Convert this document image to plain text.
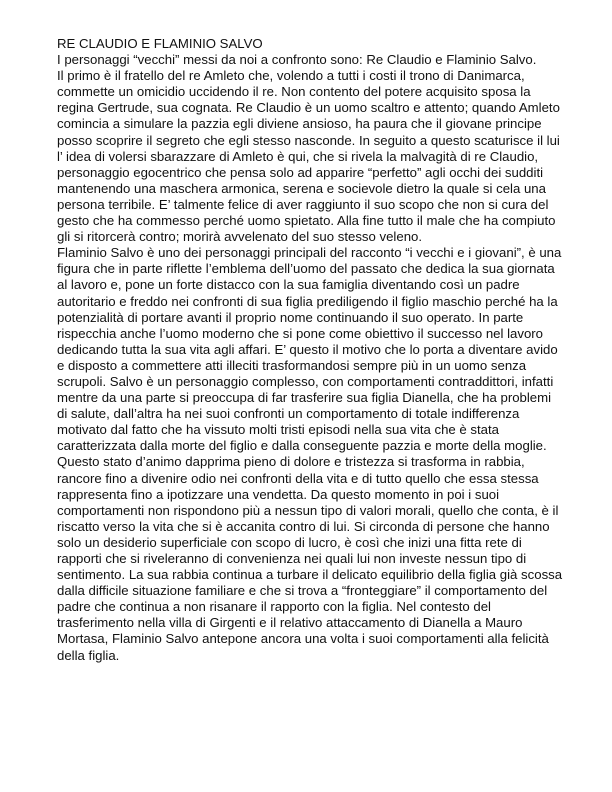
RE CLAUDIO E FLAMINIO SALVO

I personaggi “vecchi” messi da noi a confronto sono: Re Claudio e Flaminio Salvo.

Il primo è il fratello del re Amleto che, volendo a tutti i costi il trono di Danimarca, commette un omicidio uccidendo il re. Non contento del potere acquisito sposa la regina Gertrude, sua cognata. Re Claudio è un uomo scaltro e attento; quando Amleto comincia a simulare la pazzia egli diviene ansioso, ha paura che il giovane principe posso scoprire il segreto che egli stesso nasconde. In seguito a questo scaturisce il lui l’ idea di volersi sbarazzare di Amleto è qui, che si rivela la malvagità di re Claudio, personaggio egocentrico che pensa solo ad apparire “perfetto” agli occhi dei sudditi mantenendo una maschera armonica, serena e socievole dietro la quale si cela una persona terribile. E’ talmente felice di aver raggiunto il suo scopo che non si cura del gesto che ha commesso perché uomo spietato. Alla fine tutto il male che ha compiuto gli si ritorcerà contro; morirà avvelenato del suo stesso veleno.

Flaminio Salvo è uno dei personaggi principali del racconto “i vecchi e i giovani”, è una figura che in parte riflette l’emblema dell’uomo del passato che dedica la sua giornata al lavoro e, pone un forte distacco con la sua famiglia diventando così un padre autoritario e freddo nei confronti di sua figlia prediligendo il figlio maschio perché ha la potenzialità di portare avanti il proprio nome continuando il suo operato. In parte rispecchia anche l’uomo moderno che si pone come obiettivo il successo nel lavoro dedicando tutta la sua vita agli affari. E’ questo il motivo che lo porta a diventare avido e disposto a commettere atti illeciti trasformandosi sempre più in un uomo senza scrupoli. Salvo è un personaggio complesso, con comportamenti contraddittori, infatti mentre da una parte si preoccupa di far trasferire sua figlia Dianella, che ha problemi di salute, dall’altra ha nei suoi confronti un comportamento di totale indifferenza motivato dal fatto che ha vissuto molti tristi episodi nella sua vita che è stata caratterizzata dalla morte del figlio e dalla conseguente pazzia e morte della moglie. Questo stato d’animo dapprima pieno di dolore e tristezza si trasforma in rabbia, rancore fino a divenire odio nei confronti della vita e di tutto quello che essa stessa rappresenta fino a ipotizzare una vendetta. Da questo momento in poi i suoi comportamenti non rispondono più a nessun tipo di valori morali, quello che conta, è il riscatto verso la vita che si è accanita contro di lui. Si circonda di persone che hanno solo un desiderio superficiale con scopo di lucro, è così che inizi una fitta rete di rapporti che si riveleranno di convenienza nei quali lui non investe nessun tipo di sentimento. La sua rabbia continua a turbare il delicato equilibrio della figlia già scossa dalla difficile situazione familiare e che si trova a “fronteggiare” il comportamento del padre che continua a non risanare il rapporto con la figlia. Nel contesto del trasferimento nella villa di Girgenti e il relativo attaccamento di Dianella a Mauro Mortasa, Flaminio Salvo antepone ancora una volta i suoi comportamenti alla felicità della figlia.
